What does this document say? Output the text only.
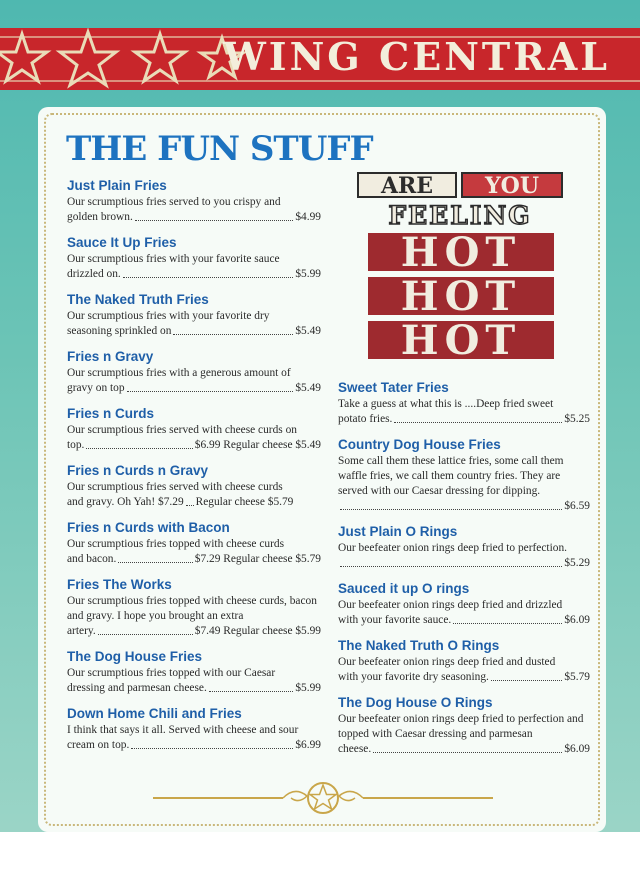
WING CENTRAL
THE FUN STUFF
ARE YOU
FEELING
HOT
HOT
HOT
Just Plain Fries
Our scrumptious fries served to you crispy and
golden brown.	$4.99
Sauce It Up Fries
Our scrumptious fries with your favorite sauce
drizzled on.	$5.99
The Naked Truth Fries
Our scrumptious fries with your favorite dry
seasoning sprinkled on	$5.49
Fries n Gravy
Our scrumptious fries with a generous amount of
gravy on top	$5.49
Fries n Curds
Our scrumptious fries served with cheese curds on
top.	$6.99 Regular cheese $5.49
Fries n Curds n Gravy
Our scrumptious fries served with cheese curds
and gravy. Oh Yah! $7.29 Regular cheese $5.79
Fries n Curds with Bacon
Our scrumptious fries topped with cheese curds
and bacon.	$7.29 Regular cheese $5.79
Fries The Works
Our scrumptious fries topped with cheese curds, bacon and gravy. I hope you brought an extra
artery.	$7.49 Regular cheese $5.99
The Dog House Fries
Our scrumptious fries topped with our Caesar
dressing and parmesan cheese.	$5.99
Down Home Chili and Fries
I think that says it all. Served with cheese and sour
cream on top.	$6.99
Sweet Tater Fries
Take a guess at what this is ....Deep fried sweet
potato fries.	$5.25
Country Dog House Fries
Some call them these lattice fries, some call them waffle fries, we call them country fries. They are served with our Caesar dressing for dipping.
$6.59
Just Plain O Rings
Our beefeater onion rings deep fried to perfection.
$5.29
Sauced it up O rings
Our beefeater onion rings deep fried and drizzled
with your favorite sauce.	$6.09
The Naked Truth O Rings
Our beefeater onion rings deep fried and dusted
with your favorite dry seasoning.	$5.79
The Dog House O Rings
Our beefeater onion rings deep fried to perfection and topped with Caesar dressing and parmesan
cheese.	$6.09
